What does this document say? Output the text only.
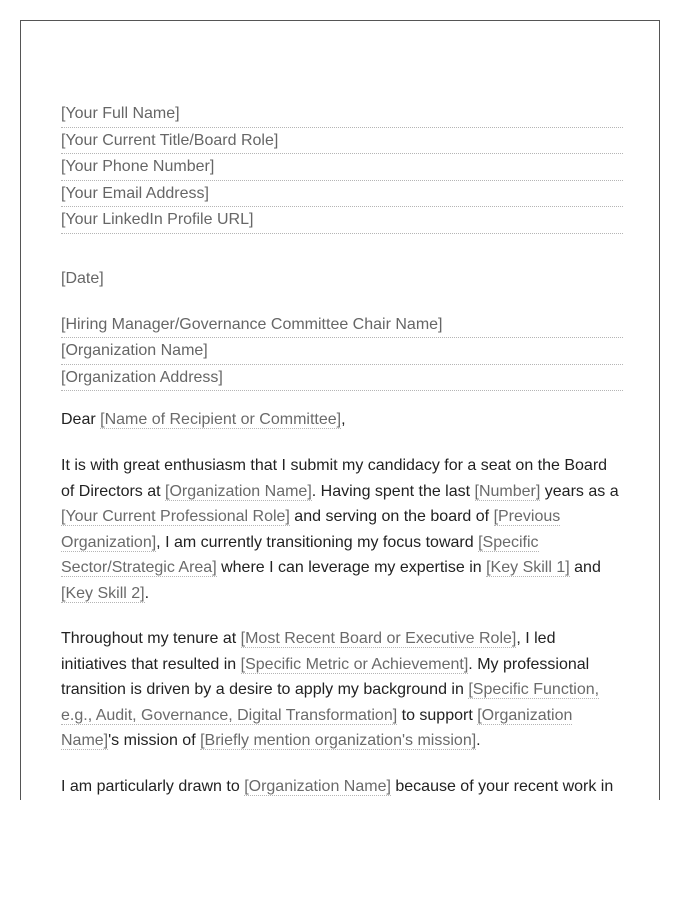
[Your Full Name]
[Your Current Title/Board Role]
[Your Phone Number]
[Your Email Address]
[Your LinkedIn Profile URL]
[Date]
[Hiring Manager/Governance Committee Chair Name]
[Organization Name]
[Organization Address]
Dear [Name of Recipient or Committee],
It is with great enthusiasm that I submit my candidacy for a seat on the Board of Directors at [Organization Name]. Having spent the last [Number] years as a [Your Current Professional Role] and serving on the board of [Previous Organization], I am currently transitioning my focus toward [Specific Sector/Strategic Area] where I can leverage my expertise in [Key Skill 1] and [Key Skill 2].
Throughout my tenure at [Most Recent Board or Executive Role], I led initiatives that resulted in [Specific Metric or Achievement]. My professional transition is driven by a desire to apply my background in [Specific Function, e.g., Audit, Governance, Digital Transformation] to support [Organization Name]'s mission of [Briefly mention organization's mission].
I am particularly drawn to [Organization Name] because of your recent work in
